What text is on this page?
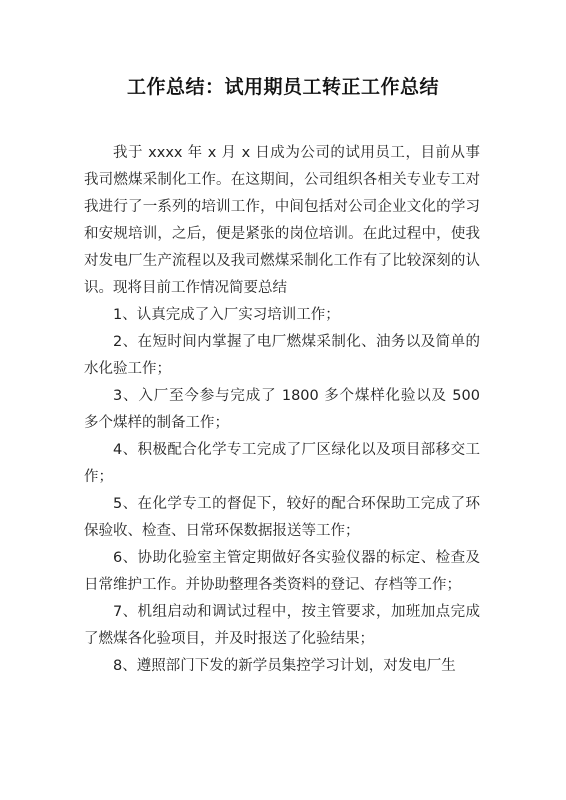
工作总结：试用期员工转正工作总结

我于 xxxx 年 x 月 x 日成为公司的试用员工，目前从事我司燃煤采制化工作。在这期间，公司组织各相关专业专工对我进行了一系列的培训工作，中间包括对公司企业文化的学习和安规培训，之后，便是紧张的岗位培训。在此过程中，使我对发电厂生产流程以及我司燃煤采制化工作有了比较深刻的认识。现将目前工作情况简要总结

1、认真完成了入厂实习培训工作；

2、在短时间内掌握了电厂燃煤采制化、油务以及简单的水化验工作；

3、入厂至今参与完成了 1800 多个煤样化验以及 500 多个煤样的制备工作；

4、积极配合化学专工完成了厂区绿化以及项目部移交工作；

5、在化学专工的督促下，较好的配合环保助工完成了环保验收、检查、日常环保数据报送等工作；

6、协助化验室主管定期做好各实验仪器的标定、检查及日常维护工作。并协助整理各类资料的登记、存档等工作；

7、机组启动和调试过程中，按主管要求，加班加点完成了燃煤各化验项目，并及时报送了化验结果；

8、遵照部门下发的新学员集控学习计划，对发电厂生
